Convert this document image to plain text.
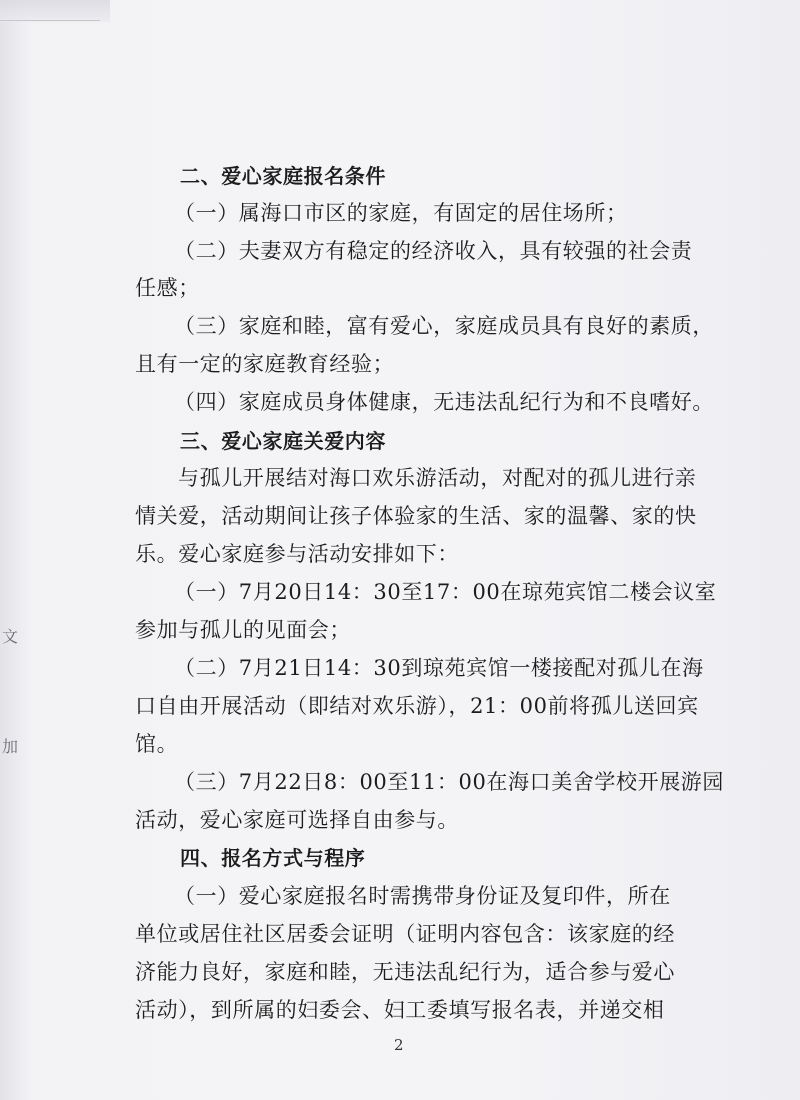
文
加
二、爱心家庭报名条件
（一）属海口市区的家庭，有固定的居住场所；
（二）夫妻双方有稳定的经济收入，具有较强的社会责
任感；
（三）家庭和睦，富有爱心，家庭成员具有良好的素质，
且有一定的家庭教育经验；
（四）家庭成员身体健康，无违法乱纪行为和不良嗜好。
三、爱心家庭关爱内容
与孤儿开展结对海口欢乐游活动，对配对的孤儿进行亲
情关爱，活动期间让孩子体验家的生活、家的温馨、家的快
乐。爱心家庭参与活动安排如下：
（一）7月20日14：30至17：00在琼苑宾馆二楼会议室
参加与孤儿的见面会；
（二）7月21日14：30到琼苑宾馆一楼接配对孤儿在海
口自由开展活动（即结对欢乐游），21：00前将孤儿送回宾
馆。
（三）7月22日8：00至11：00在海口美舍学校开展游园
活动，爱心家庭可选择自由参与。
四、报名方式与程序
（一）爱心家庭报名时需携带身份证及复印件，所在
单位或居住社区居委会证明（证明内容包含：该家庭的经
济能力良好，家庭和睦，无违法乱纪行为，适合参与爱心
活动），到所属的妇委会、妇工委填写报名表，并递交相
2
